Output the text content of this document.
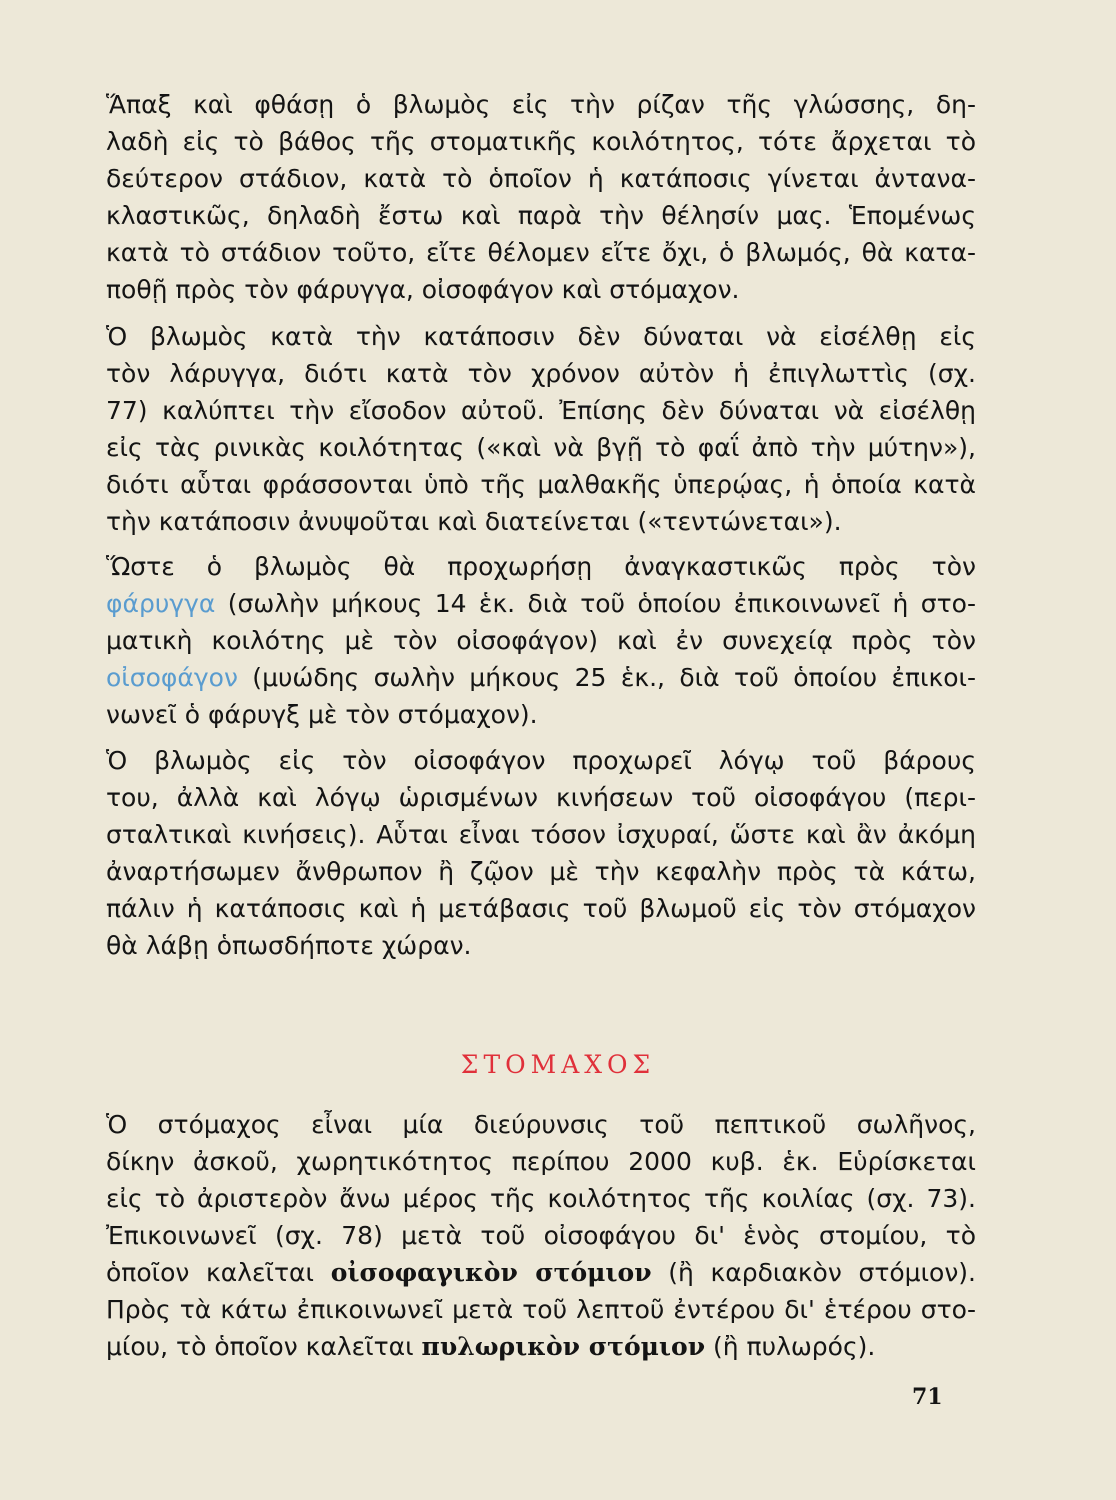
Ἅπαξ καὶ φθάσῃ ὁ βλωμὸς εἰς τὴν ρίζαν τῆς γλώσσης, δη-
λαδὴ εἰς τὸ βάθος τῆς στοματικῆς κοιλότητος, τότε ἄρχεται τὸ
δεύτερον στάδιον, κατὰ τὸ ὁποῖον ἡ κατάποσις γίνεται ἀντανα-
κλαστικῶς, δηλαδὴ ἔστω καὶ παρὰ τὴν θέλησίν μας. Ἑπομένως
κατὰ τὸ στάδιον τοῦτο, εἴτε θέλομεν εἴτε ὄχι, ὁ βλωμός, θὰ κατα-
ποθῇ πρὸς τὸν φάρυγγα, οἰσοφάγον καὶ στόμαχον.
Ὁ βλωμὸς κατὰ τὴν κατάποσιν δὲν δύναται νὰ εἰσέλθῃ εἰς
τὸν λάρυγγα, διότι κατὰ τὸν χρόνον αὐτὸν ἡ ἐπιγλωττὶς (σχ.
77) καλύπτει τὴν εἴσοδον αὐτοῦ. Ἐπίσης δὲν δύναται νὰ εἰσέλθῃ
εἰς τὰς ρινικὰς κοιλότητας («καὶ νὰ βγῇ τὸ φαΐ ἀπὸ τὴν μύτην»),
διότι αὗται φράσσονται ὑπὸ τῆς μαλθακῆς ὑπερῴας, ἡ ὁποία κατὰ
τὴν κατάποσιν ἀνυψοῦται καὶ διατείνεται («τεντώνεται»).
Ὥστε ὁ βλωμὸς θὰ προχωρήσῃ ἀναγκαστικῶς πρὸς τὸν
φάρυγγα (σωλὴν μήκους 14 ἑκ. διὰ τοῦ ὁποίου ἐπικοινωνεῖ ἡ στο-
ματικὴ κοιλότης μὲ τὸν οἰσοφάγον) καὶ ἐν συνεχείᾳ πρὸς τὸν
οἰσοφάγον (μυώδης σωλὴν μήκους 25 ἑκ., διὰ τοῦ ὁποίου ἐπικοι-
νωνεῖ ὁ φάρυγξ μὲ τὸν στόμαχον).
Ὁ βλωμὸς εἰς τὸν οἰσοφάγον προχωρεῖ λόγῳ τοῦ βάρους
του, ἀλλὰ καὶ λόγῳ ὡρισμένων κινήσεων τοῦ οἰσοφάγου (περι-
σταλτικαὶ κινήσεις). Αὗται εἶναι τόσον ἰσχυραί, ὥστε καὶ ἂν ἀκόμη
ἀναρτήσωμεν ἄνθρωπον ἢ ζῷον μὲ τὴν κεφαλὴν πρὸς τὰ κάτω,
πάλιν ἡ κατάποσις καὶ ἡ μετάβασις τοῦ βλωμοῦ εἰς τὸν στόμαχον
θὰ λάβῃ ὁπωσδήποτε χώραν.
ΣΤΟΜΑΧΟΣ
Ὁ στόμαχος εἶναι μία διεύρυνσις τοῦ πεπτικοῦ σωλῆνος,
δίκην ἀσκοῦ, χωρητικότητος περίπου 2000 κυβ. ἑκ. Εὑρίσκεται
εἰς τὸ ἀριστερὸν ἄνω μέρος τῆς κοιλότητος τῆς κοιλίας (σχ. 73).
Ἐπικοινωνεῖ (σχ. 78) μετὰ τοῦ οἰσοφάγου δι' ἑνὸς στομίου, τὸ
ὁποῖον καλεῖται οἰσοφαγικὸν στόμιον (ἢ καρδιακὸν στόμιον).
Πρὸς τὰ κάτω ἐπικοινωνεῖ μετὰ τοῦ λεπτοῦ ἐντέρου δι' ἑτέρου στο-
μίου, τὸ ὁποῖον καλεῖται πυλωρικὸν στόμιον (ἢ πυλωρός).
71
